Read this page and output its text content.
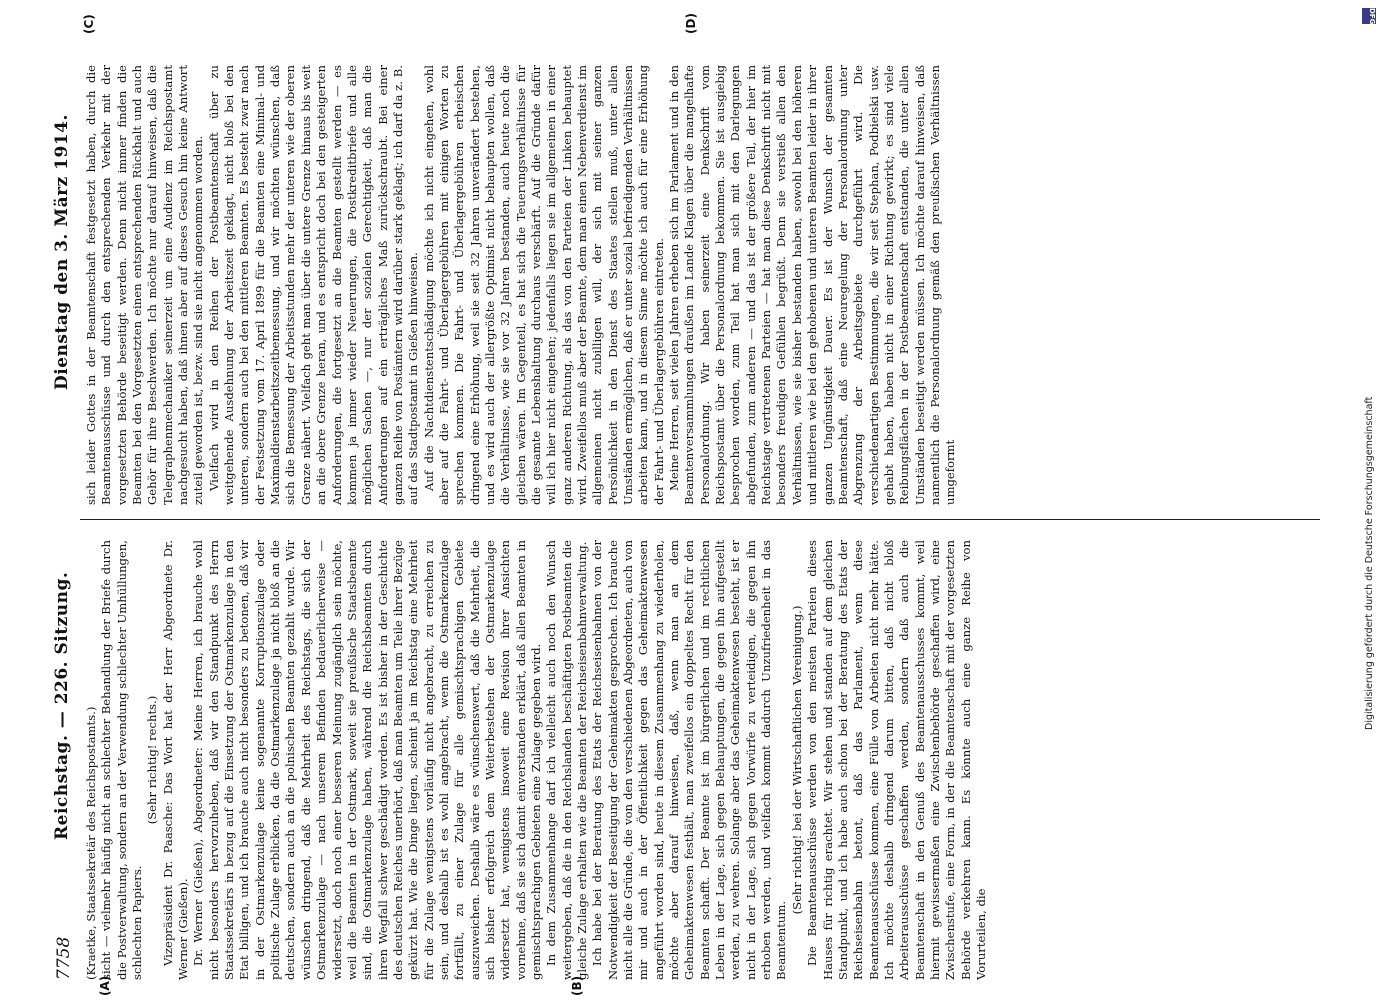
DFG
Digitalisierung gefördert durch die Deutsche Forschungsgemeinschaft
7758
Reichstag. — 226. Sitzung.
Dienstag den 3. März 1914.
(A)	(B)
(C)	(D)

(Kraetke, Staatssekretär des Reichspostamts.) sicht — vielmehr häufig nicht an schlechter Behandlung der Briefe durch die Postverwaltung, sondern an der Verwendung schlechter Umhüllungen, schlechten Papiers.

(Sehr richtig! rechts.) Vizepräsident Dr. Paasche: Das Wort hat der Herr Abgeordnete Dr. Werner (Gießen). Dr. Werner (Gießen), Abgeordneter: Meine Herren, ich brauche wohl nicht besonders hervorzuheben, daß wir den Standpunkt des Herrn Staatssekretärs in bezug auf die Einsetzung der Ostmarkenzulage in den Etat billigen, und ich brauche auch nicht besonders zu betonen, daß wir in der Ostmarkenzulage keine sogenannte Korruptionszulage oder politische Zulage erblicken, da die Ostmarkenzulage ja nicht bloß an die deutschen, sondern auch an die polnischen Beamten gezahlt wurde. Wir wünschen dringend, daß die Mehrheit des Reichstags, die sich der Ostmarkenzulage — nach unserem Befinden bedauerlicherweise — widersetzt, doch noch einer besseren Meinung zugänglich sein möchte, weil die Beamten in der Ostmark, soweit sie preußische Staatsbeamte sind, die Ostmarkenzulage haben, während die Reichsbeamten durch ihren Wegfall schwer geschädigt worden. Es ist bisher in der Geschichte des deutschen Reiches unerhört, daß man Beamten um Teile ihrer Bezüge gekürzt hat. Wie die Dinge liegen, scheint ja im Reichstag eine Mehrheit für die Zulage wenigstens vorläufig nicht angebracht, zu erreichen zu sein, und deshalb ist es wohl angebracht, wenn die Ostmarkenzulage fortfällt, zu einer Zulage für alle gemischtsprachigen Gebiete auszuweichen. Deshalb wäre es wünschenswert, daß die Mehrheit, die sich bisher erfolgreich dem Weiterbestehen der Ostmarkenzulage widersetzt hat, wenigstens insoweit eine Revision ihrer Ansichten vornehme, daß sie sich damit einverstanden erklärt, daß allen Beamten in gemischtsprachigen Gebieten eine Zulage gegeben wird. In dem Zusammenhange darf ich vielleicht auch noch den Wunsch weitergeben, daß die in den Reichslanden beschäftigten Postbeamten die gleiche Zulage erhalten wie die Beamten der Reichseisenbahnverwaltung. Ich habe bei der Beratung des Etats der Reichseisenbahnen von der Notwendigkeit der Beseitigung der Geheimakten gesprochen. Ich brauche nicht alle die Gründe, die von den verschiedenen Abgeordneten, auch von mir und auch in der Öffentlichkeit gegen das Geheimaktenwesen angeführt worden sind, heute in diesem Zusammenhang zu wiederholen, möchte aber darauf hinweisen, daß, wenn man an dem Geheimaktenwesen festhält, man zweifellos ein doppeltes Recht für den Beamten schafft. Der Beamte ist im bürgerlichen und im rechtlichen Leben in der Lage, sich gegen Behauptungen, die gegen ihn aufgestellt werden, zu wehren. Solange aber das Geheimaktenwesen besteht, ist er nicht in der Lage, sich gegen Vorwürfe zu verteidigen, die gegen ihn erhoben werden, und vielfach kommt dadurch Unzufriedenheit in das Beamtentum.

(Sehr richtig! bei der Wirtschaftlichen Vereinigung.) Die Beamtenausschüsse werden von den meisten Parteien dieses Hauses für richtig erachtet. Wir stehen und standen auf dem gleichen Standpunkt, und ich habe auch schon bei der Beratung des Etats der Reichseisenbahn betont, daß das Parlament, wenn diese Beamtenausschüsse kommen, eine Fülle von Arbeiten nicht mehr hätte. Ich möchte deshalb dringend darum bitten, daß nicht bloß Arbeiterausschüsse geschaffen werden, sondern daß auch die Beamtenschaft in den Genuß des Beamtenausschusses kommt, weil hiermit gewissermaßen eine Zwischenbehörde geschaffen wird, eine Zwischenstufe, eine Form, in der die Beamtenschaft mit der vorgesetzten Behörde verkehren kann. Es könnte auch eine ganze Reihe von Vorurteilen, die

sich leider Gottes in der Beamtenschaft festgesetzt haben, durch die Beamtenausschüsse und durch den entsprechenden Verkehr mit der vorgesetzten Behörde beseitigt werden. Denn nicht immer finden die Beamten bei den Vorgesetzten einen entsprechenden Rückhalt und auch Gehör für ihre Beschwerden. Ich möchte nur darauf hinweisen, daß die Telegraphenmechaniker seinerzeit um eine Audienz im Reichspostamt nachgesucht haben, daß ihnen aber auf dieses Gesuch hin keine Antwort zuteil geworden ist, bezw. sind sie nicht angenommen worden. Vielfach wird in den Reihen der Postbeamtenschaft über zu weitgehende Ausdehnung der Arbeitszeit geklagt, nicht bloß bei den unteren, sondern auch bei den mittleren Beamten. Es besteht zwar nach der Festsetzung vom 17. April 1899 für die Beamten eine Minimal- und Maximaldienstarbeitszeitbemessung, und wir möchten wünschen, daß sich die Bemessung der Arbeitsstunden mehr der unteren wie der oberen Grenze nähert. Vielfach geht man über die untere Grenze hinaus bis weit an die obere Grenze heran, und es entspricht doch bei den gesteigerten Anforderungen, die fortgesetzt an die Beamten gestellt werden — es kommen ja immer wieder Neuerungen, die Postkreditbriefe und alle möglichen Sachen —, nur der sozialen Gerechtigkeit, daß man die Anforderungen auf ein erträgliches Maß zurückschraubt. Bei einer ganzen Reihe von Postämtern wird darüber stark geklagt; ich darf da z. B. auf das Stadtpostamt in Gießen hinweisen. Auf die Nachtdienstentschädigung möchte ich nicht eingehen, wohl aber auf die Fahrt- und Überlagergebühren mit einigen Worten zu sprechen kommen. Die Fahrt- und Überlagergebühren erheischen dringend eine Erhöhung, weil sie seit 32 Jahren unverändert bestehen, und es wird auch der allergrößte Optimist nicht behaupten wollen, daß die Verhältnisse, wie sie vor 32 Jahren bestanden, auch heute noch die gleichen wären. Im Gegenteil, es hat sich die Teuerungsverhältnisse für die gesamte Lebenshaltung durchaus verschärft. Auf die Gründe dafür will ich hier nicht eingehen; jedenfalls liegen sie im allgemeinen in einer ganz anderen Richtung, als das von den Parteien der Linken behauptet wird. Zweifellos muß aber der Beamte, dem man einen Nebenverdienst im allgemeinen nicht zubilligen will, der sich mit seiner ganzen Persönlichkeit in den Dienst des Staates stellen muß, unter allen Umständen ermöglichen, daß er unter sozial befriedigenden Verhältnissen arbeiten kann, und in diesem Sinne möchte ich auch für eine Erhöhung der Fahrt- und Überlagergebühren eintreten. Meine Herren, seit vielen Jahren erheben sich im Parlament und in den Beamtenversammlungen draußen im Lande Klagen über die mangelhafte Personalordnung. Wir haben seinerzeit eine Denkschrift vom Reichspostamt über die Personalordnung bekommen. Sie ist ausgiebig besprochen worden, zum Teil hat man sich mit den Darlegungen abgefunden, zum anderen — und das ist der größere Teil, der hier im Reichstage vertretenen Parteien — hat man diese Denkschrift nicht mit besonders freudigen Gefühlen begrüßt. Denn sie verstieß allen den Verhältnissen, wie sie bisher bestanden haben, sowohl bei den höheren und mittleren wie bei den gehobenen und unteren Beamten leider in ihrer ganzen Ungünstigkeit Dauer. Es ist der Wunsch der gesamten Beamtenschaft, daß eine Neuregelung der Personalordnung unter Abgrenzung der Arbeitsgebiete durchgeführt wird. Die verschiedenartigen Bestimmungen, die wir seit Stephan, Podbielski usw. gehabt haben, haben nicht in einer Richtung gewirkt; es sind viele Reibungsflächen in der Postbeamtenschaft entstanden, die unter allen Umständen beseitigt werden müssen. Ich möchte darauf hinweisen, daß namentlich die Personalordnung gemäß den preußischen Verhältnissen umgeformt
